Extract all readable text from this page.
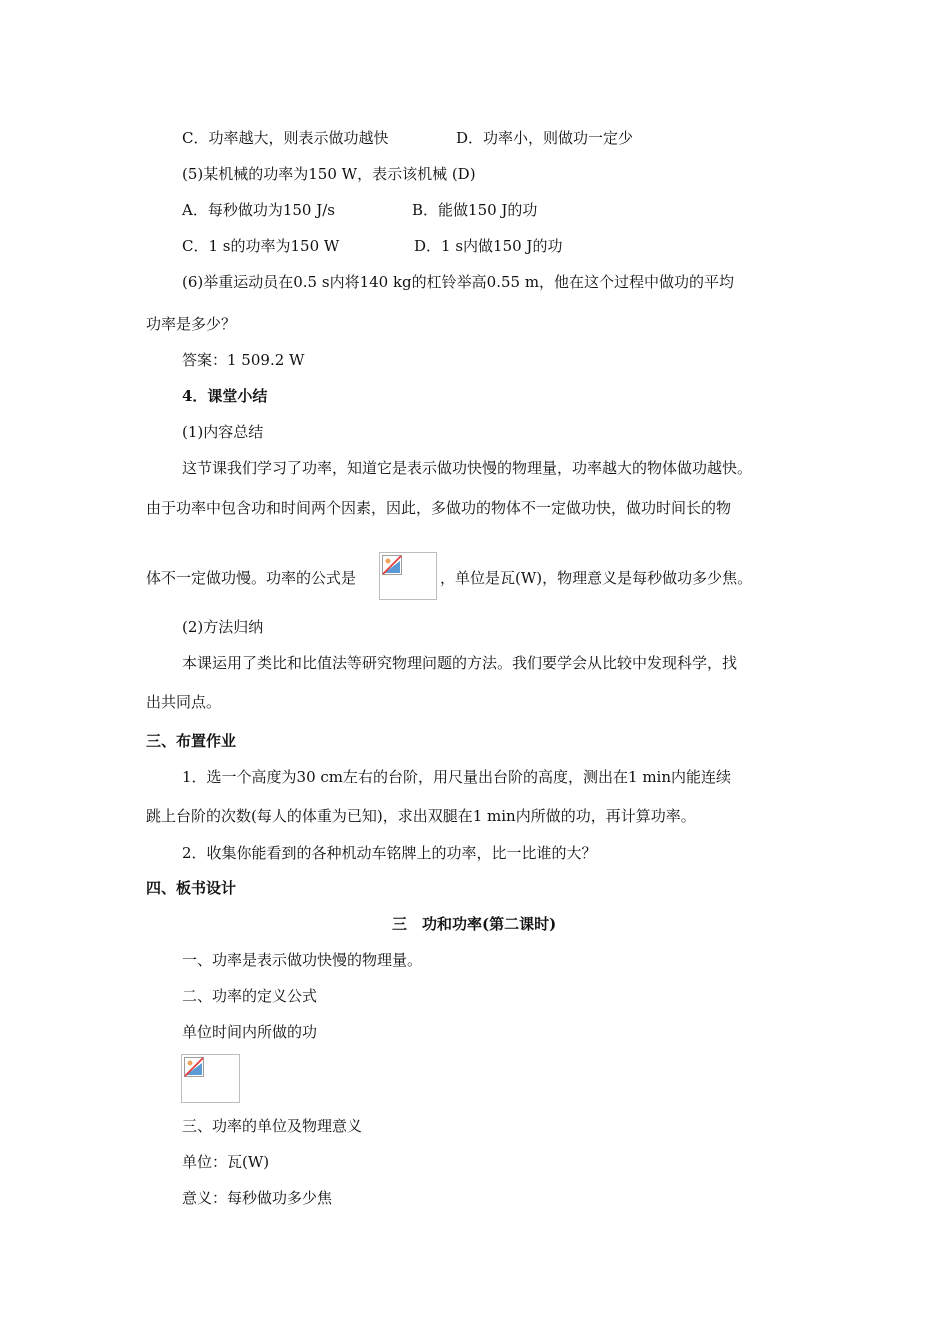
C．功率越大，则表示做功越快	D．功率小，则做功一定少
(5)某机械的功率为150 W，表示该机械 (D)
A．每秒做功为150 J/s	B．能做150 J的功
C．1 s的功率为150 W	D．1 s内做150 J的功
(6)举重运动员在0.5 s内将140 kg的杠铃举高0.55 m，他在这个过程中做功的平均
功率是多少？
答案：1 509.2 W
4．课堂小结
(1)内容总结
这节课我们学习了功率，知道它是表示做功快慢的物理量，功率越大的物体做功越快。
由于功率中包含功和时间两个因素，因此，多做功的物体不一定做功快，做功时间长的物
体不一定做功慢。功率的公式是	，单位是瓦(W)，物理意义是每秒做功多少焦。
(2)方法归纳
本课运用了类比和比值法等研究物理问题的方法。我们要学会从比较中发现科学，找
出共同点。
三、布置作业
1．选一个高度为30 cm左右的台阶，用尺量出台阶的高度，测出在1 min内能连续
跳上台阶的次数(每人的体重为已知)，求出双腿在1 min内所做的功，再计算功率。
2．收集你能看到的各种机动车铭牌上的功率，比一比谁的大？
四、板书设计
三　功和功率(第二课时)
一、功率是表示做功快慢的物理量。
二、功率的定义公式
单位时间内所做的功
三、功率的单位及物理意义
单位：瓦(W)
意义：每秒做功多少焦
